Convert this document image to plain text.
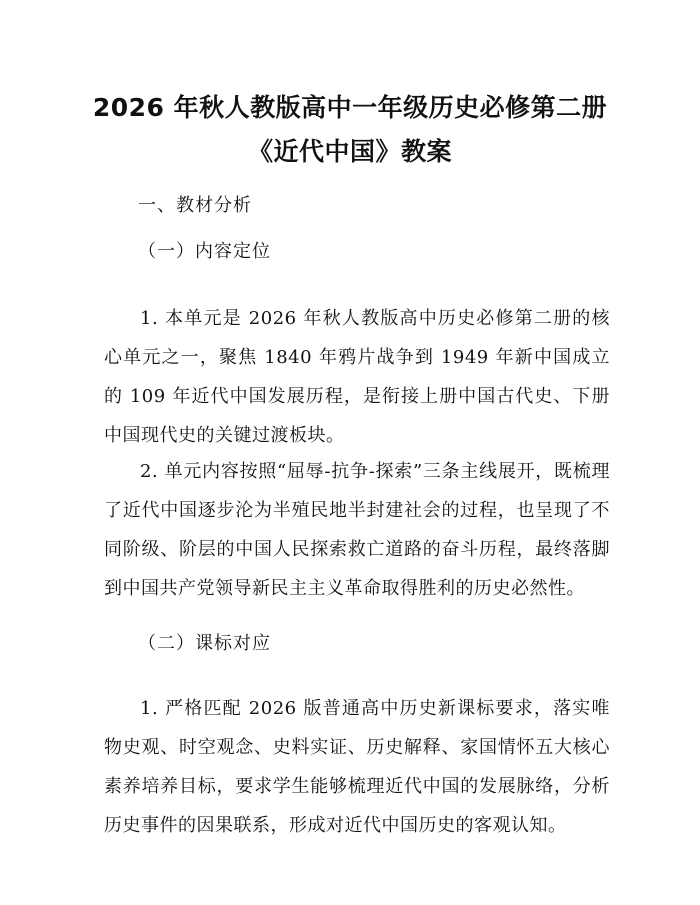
2026 年秋人教版高中一年级历史必修第二册
《近代中国》教案
一、教材分析
（一）内容定位

1. 本单元是 2026 年秋人教版高中历史必修第二册的核心单元之一，聚焦 1840 年鸦片战争到 1949 年新中国成立的 109 年近代中国发展历程，是衔接上册中国古代史、下册中国现代史的关键过渡板块。

2. 单元内容按照“屈辱-抗争-探索”三条主线展开，既梳理了近代中国逐步沦为半殖民地半封建社会的过程，也呈现了不同阶级、阶层的中国人民探索救亡道路的奋斗历程，最终落脚到中国共产党领导新民主主义革命取得胜利的历史必然性。

（二）课标对应

1. 严格匹配 2026 版普通高中历史新课标要求，落实唯物史观、时空观念、史料实证、历史解释、家国情怀五大核心素养培养目标，要求学生能够梳理近代中国的发展脉络，分析历史事件的因果联系，形成对近代中国历史的客观认知。
